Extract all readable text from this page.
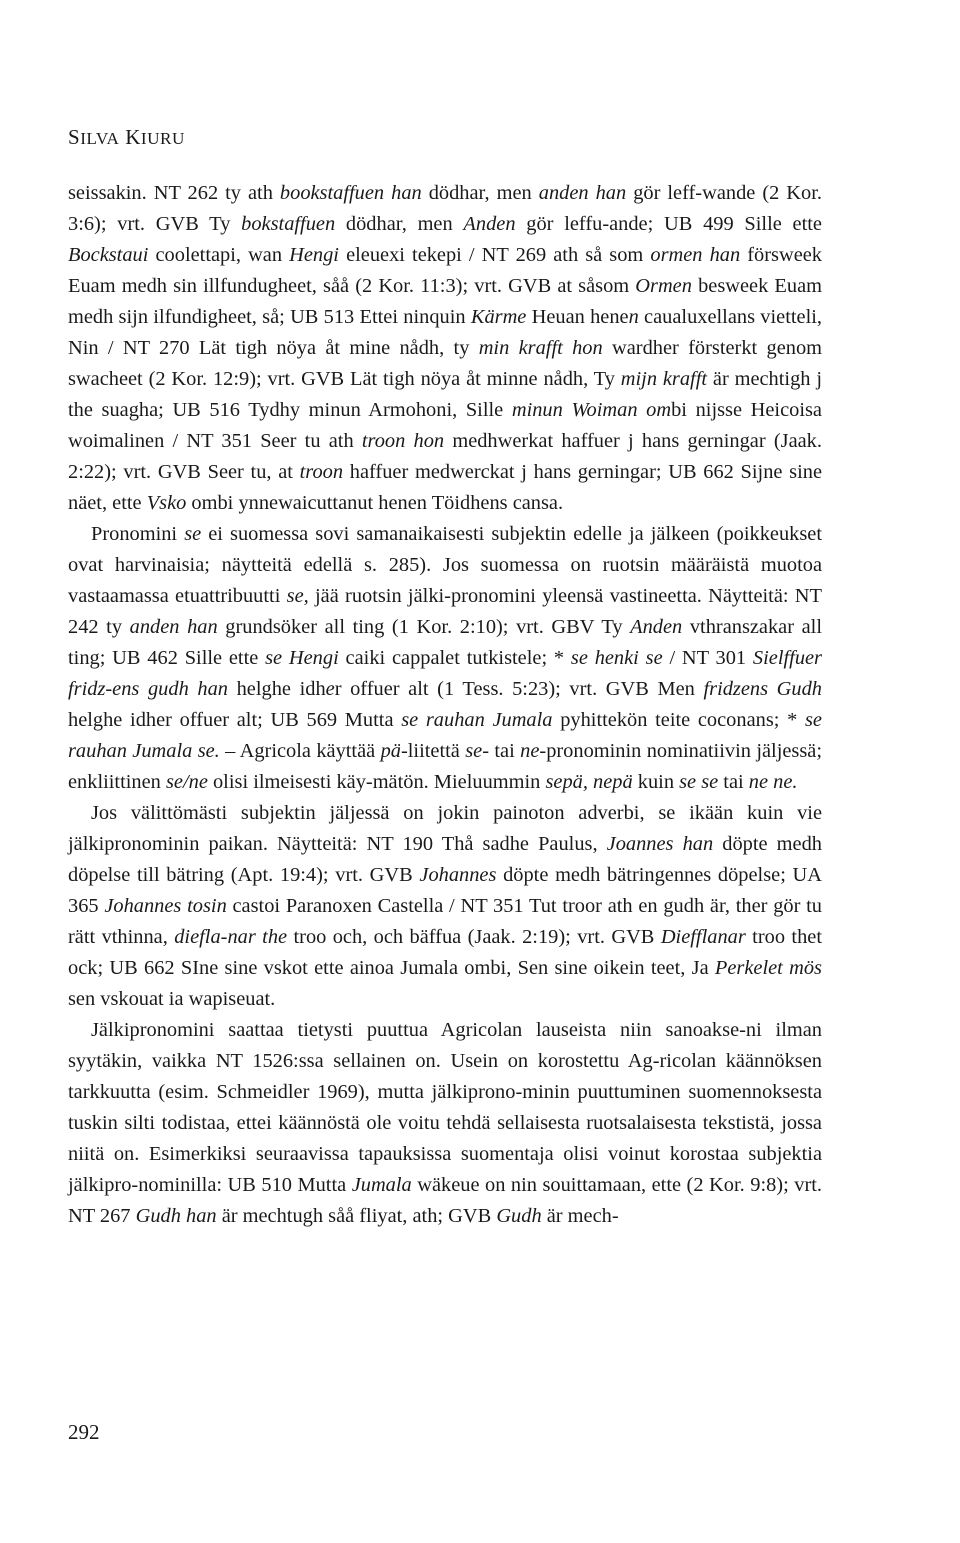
SILVA KIURU

seissakin. NT 262 ty ath bookstaffuen han dödhar, men anden han gör leff-wande (2 Kor. 3:6); vrt. GVB Ty bokstaffuen dödhar, men Anden gör leffu-ande; UB 499 Sille ette Bockstaui coolettapi, wan Hengi eleuexi tekepi / NT 269 ath så som ormen han försweek Euam medh sin illfundugheet, såå (2 Kor. 11:3); vrt. GVB at såsom Ormen besweek Euam medh sijn ilfundigheet, så; UB 513 Ettei ninquin Kärme Heuan henen caualuxellans vietteli, Nin / NT 270 Lät tigh nöya åt mine nådh, ty min krafft hon wardher försterkt genom swacheet (2 Kor. 12:9); vrt. GVB Lät tigh nöya åt minne nådh, Ty mijn krafft är mechtigh j the suagha; UB 516 Tydhy minun Armohoni, Sille minun Woiman ombi nijsse Heicoisa woimalinen / NT 351 Seer tu ath troon hon medhwerkat haffuer j hans gerningar (Jaak. 2:22); vrt. GVB Seer tu, at troon haffuer medwerckat j hans gerningar; UB 662 Sijne sine näet, ette Vsko ombi ynnewaicuttanut henen Töidhens cansa.

Pronomini se ei suomessa sovi samanaikaisesti subjektin edelle ja jälkeen (poikkeukset ovat harvinaisia; näytteitä edellä s. 285). Jos suomessa on ruotsin määräistä muotoa vastaamassa etuattribuutti se, jää ruotsin jälki-pronomini yleensä vastineetta. Näytteitä: NT 242 ty anden han grundsöker all ting (1 Kor. 2:10); vrt. GBV Ty Anden vthranszakar all ting; UB 462 Sille ette se Hengi caiki cappalet tutkistele; * se henki se / NT 301 Sielffuer fridz-ens gudh han helghe idher offuer alt (1 Tess. 5:23); vrt. GVB Men fridzens Gudh helghe idher offuer alt; UB 569 Mutta se rauhan Jumala pyhittekön teite coconans; * se rauhan Jumala se. – Agricola käyttää pä-liitettä se- tai ne-pronominin nominatiivin jäljessä; enkliittinen se/ne olisi ilmeisesti käy-mätön. Mieluummin sepä, nepä kuin se se tai ne ne.

Jos välittömästi subjektin jäljessä on jokin painoton adverbi, se ikään kuin vie jälkipronominin paikan. Näytteitä: NT 190 Thå sadhe Paulus, Joannes han döpte medh döpelse till bätring (Apt. 19:4); vrt. GVB Johannes döpte medh bätringennes döpelse; UA 365 Johannes tosin castoi Paranoxen Castella / NT 351 Tut troor ath en gudh är, ther gör tu rätt vthinna, diefla-nar the troo och, och bäffua (Jaak. 2:19); vrt. GVB Diefflanar troo thet ock; UB 662 SIne sine vskot ette ainoa Jumala ombi, Sen sine oikein teet, Ja Perkelet mös sen vskouat ia wapiseuat.

Jälkipronomini saattaa tietysti puuttua Agricolan lauseista niin sanoakse-ni ilman syytäkin, vaikka NT 1526:ssa sellainen on. Usein on korostettu Ag-ricolan käännöksen tarkkuutta (esim. Schmeidler 1969), mutta jälkiprono-minin puuttuminen suomennoksesta tuskin silti todistaa, ettei käännöstä ole voitu tehdä sellaisesta ruotsalaisesta tekstistä, jossa niitä on. Esimerkiksi seuraavissa tapauksissa suomentaja olisi voinut korostaa subjektia jälkipro-nominilla: UB 510 Mutta Jumala wäkeue on nin souittamaan, ette (2 Kor. 9:8); vrt. NT 267 Gudh han är mechtugh såå fliyat, ath; GVB Gudh är mech-

292
